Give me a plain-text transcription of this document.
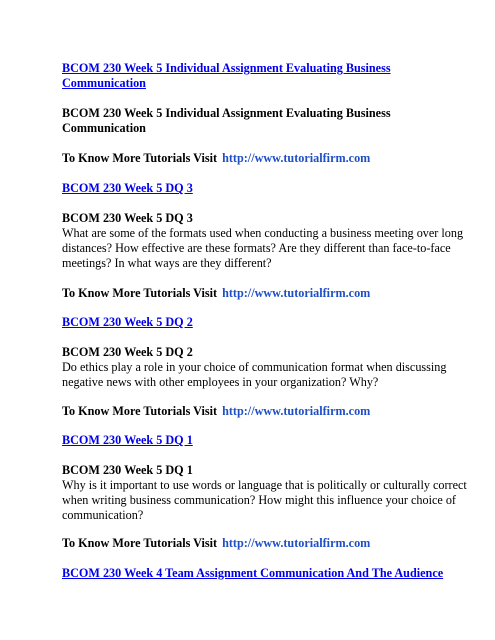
BCOM 230 Week 5 Individual Assignment Evaluating Business Communication

BCOM 230 Week 5 Individual Assignment Evaluating Business Communication

To Know More Tutorials Visit http://www.tutorialfirm.com

BCOM 230 Week 5 DQ 3

BCOM 230 Week 5 DQ 3

What are some of the formats used when conducting a business meeting over long distances? How effective are these formats? Are they different than face-to-face meetings? In what ways are they different?

To Know More Tutorials Visit http://www.tutorialfirm.com

BCOM 230 Week 5 DQ 2

BCOM 230 Week 5 DQ 2

Do ethics play a role in your choice of communication format when discussing negative news with other employees in your organization? Why?

To Know More Tutorials Visit http://www.tutorialfirm.com

BCOM 230 Week 5 DQ 1

BCOM 230 Week 5 DQ 1

Why is it important to use words or language that is politically or culturally correct when writing business communication? How might this influence your choice of communication?

To Know More Tutorials Visit http://www.tutorialfirm.com

BCOM 230 Week 4 Team Assignment Communication And The Audience
